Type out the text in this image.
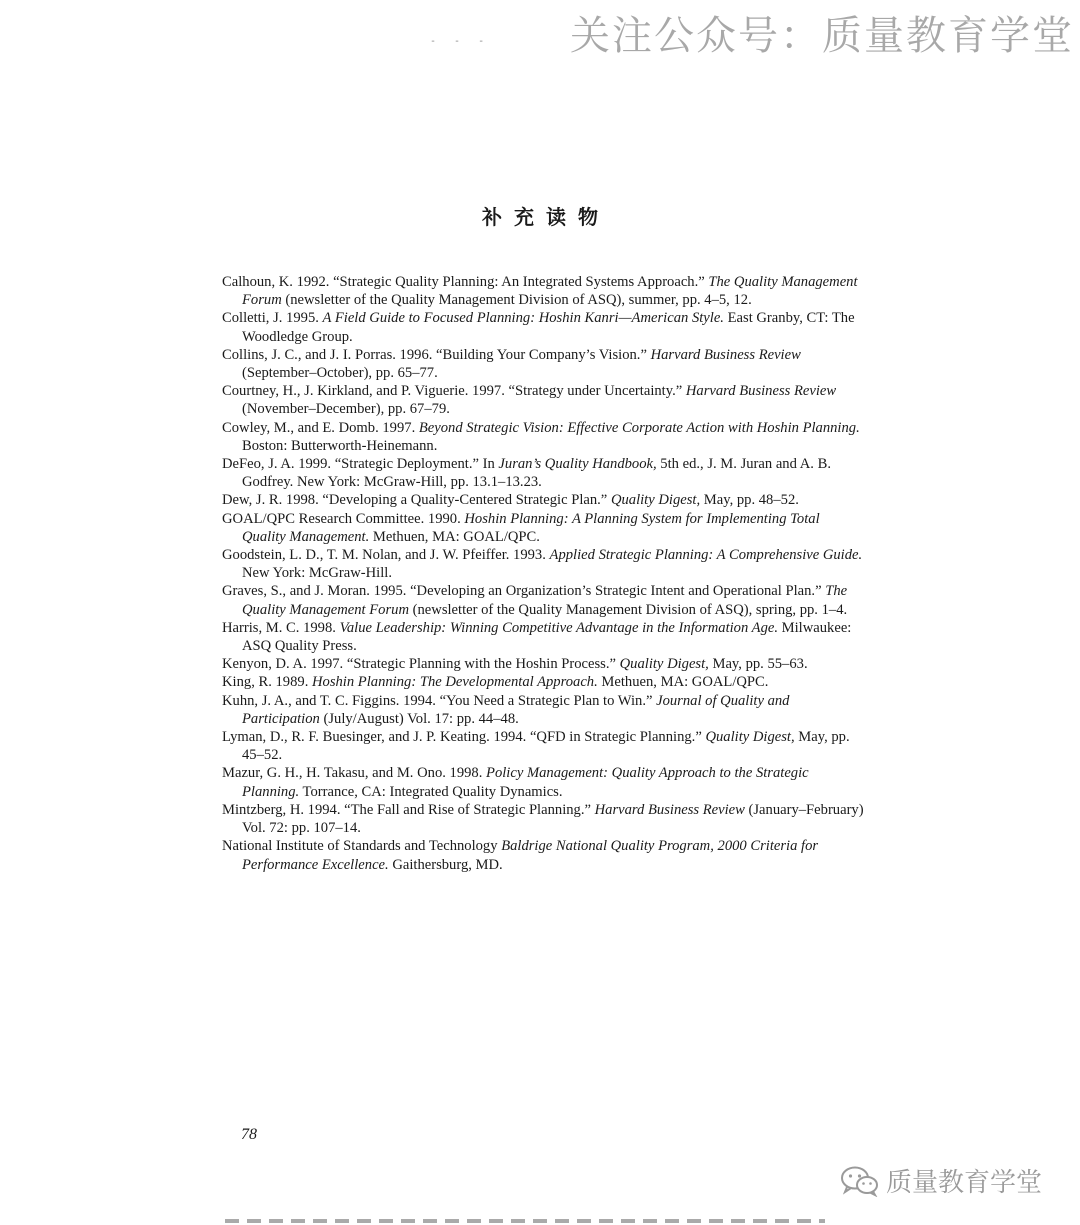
关注公众号：质量教育学堂
- - -
补充读物
Calhoun, K. 1992. “Strategic Quality Planning: An Integrated Systems Approach.” The Quality Management Forum (newsletter of the Quality Management Division of ASQ), summer, pp. 4–5, 12.
Colletti, J. 1995. A Field Guide to Focused Planning: Hoshin Kanri—American Style. East Granby, CT: The Woodledge Group.
Collins, J. C., and J. I. Porras. 1996. “Building Your Company’s Vision.” Harvard Business Review (September–October), pp. 65–77.
Courtney, H., J. Kirkland, and P. Viguerie. 1997. “Strategy under Uncertainty.” Harvard Business Review (November–December), pp. 67–79.
Cowley, M., and E. Domb. 1997. Beyond Strategic Vision: Effective Corporate Action with Hoshin Planning. Boston: Butterworth-Heinemann.
DeFeo, J. A. 1999. “Strategic Deployment.” In Juran’s Quality Handbook, 5th ed., J. M. Juran and A. B. Godfrey. New York: McGraw-Hill, pp. 13.1–13.23.
Dew, J. R. 1998. “Developing a Quality-Centered Strategic Plan.” Quality Digest, May, pp. 48–52.
GOAL/QPC Research Committee. 1990. Hoshin Planning: A Planning System for Implementing Total Quality Management. Methuen, MA: GOAL/QPC.
Goodstein, L. D., T. M. Nolan, and J. W. Pfeiffer. 1993. Applied Strategic Planning: A Comprehensive Guide. New York: McGraw-Hill.
Graves, S., and J. Moran. 1995. “Developing an Organization’s Strategic Intent and Operational Plan.” The Quality Management Forum (newsletter of the Quality Management Division of ASQ), spring, pp. 1–4.
Harris, M. C. 1998. Value Leadership: Winning Competitive Advantage in the Information Age. Milwaukee: ASQ Quality Press.
Kenyon, D. A. 1997. “Strategic Planning with the Hoshin Process.” Quality Digest, May, pp. 55–63.
King, R. 1989. Hoshin Planning: The Developmental Approach. Methuen, MA: GOAL/QPC.
Kuhn, J. A., and T. C. Figgins. 1994. “You Need a Strategic Plan to Win.” Journal of Quality and Participation (July/August) Vol. 17: pp. 44–48.
Lyman, D., R. F. Buesinger, and J. P. Keating. 1994. “QFD in Strategic Planning.” Quality Digest, May, pp. 45–52.
Mazur, G. H., H. Takasu, and M. Ono. 1998. Policy Management: Quality Approach to the Strategic Planning. Torrance, CA: Integrated Quality Dynamics.
Mintzberg, H. 1994. “The Fall and Rise of Strategic Planning.” Harvard Business Review (January–February) Vol. 72: pp. 107–14.
National Institute of Standards and Technology Baldrige National Quality Program, 2000 Criteria for Performance Excellence. Gaithersburg, MD.
78
质量教育学堂
